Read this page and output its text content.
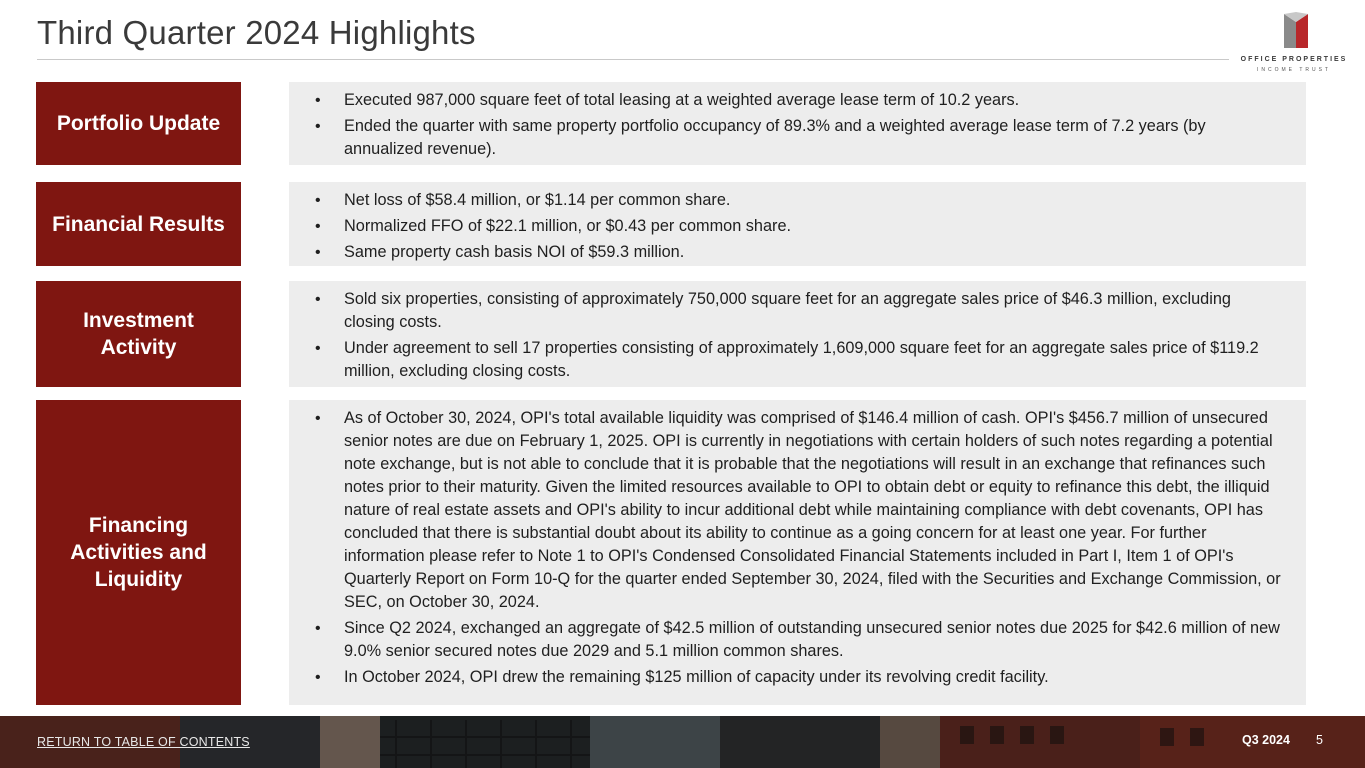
Third Quarter 2024 Highlights
OFFICE PROPERTIES
INCOME TRUST
Portfolio Update
• Executed 987,000 square feet of total leasing at a weighted average lease term of 10.2 years.
• Ended the quarter with same property portfolio occupancy of 89.3% and a weighted average lease term of 7.2 years (by annualized revenue).
Financial Results
• Net loss of $58.4 million, or $1.14 per common share.
• Normalized FFO of $22.1 million, or $0.43 per common share.
• Same property cash basis NOI of $59.3 million.
Investment Activity
• Sold six properties, consisting of approximately 750,000 square feet for an aggregate sales price of $46.3 million, excluding closing costs.
• Under agreement to sell 17 properties consisting of approximately 1,609,000 square feet for an aggregate sales price of $119.2 million, excluding closing costs.
Financing Activities and Liquidity
• As of October 30, 2024, OPI's total available liquidity was comprised of $146.4 million of cash. OPI's $456.7 million of unsecured senior notes are due on February 1, 2025. OPI is currently in negotiations with certain holders of such notes regarding a potential note exchange, but is not able to conclude that it is probable that the negotiations will result in an exchange that refinances such notes prior to their maturity. Given the limited resources available to OPI to obtain debt or equity to refinance this debt, the illiquid nature of real estate assets and OPI's ability to incur additional debt while maintaining compliance with debt covenants, OPI has concluded that there is substantial doubt about its ability to continue as a going concern for at least one year. For further information please refer to Note 1 to OPI's Condensed Consolidated Financial Statements included in Part I, Item 1 of OPI's Quarterly Report on Form 10-Q for the quarter ended September 30, 2024, filed with the Securities and Exchange Commission, or SEC, on October 30, 2024.
• Since Q2 2024, exchanged an aggregate of $42.5 million of outstanding unsecured senior notes due 2025 for $42.6 million of new 9.0% senior secured notes due 2029 and 5.1 million common shares.
• In October 2024, OPI drew the remaining $125 million of capacity under its revolving credit facility.
RETURN TO TABLE OF CONTENTS	Q3 2024 5
